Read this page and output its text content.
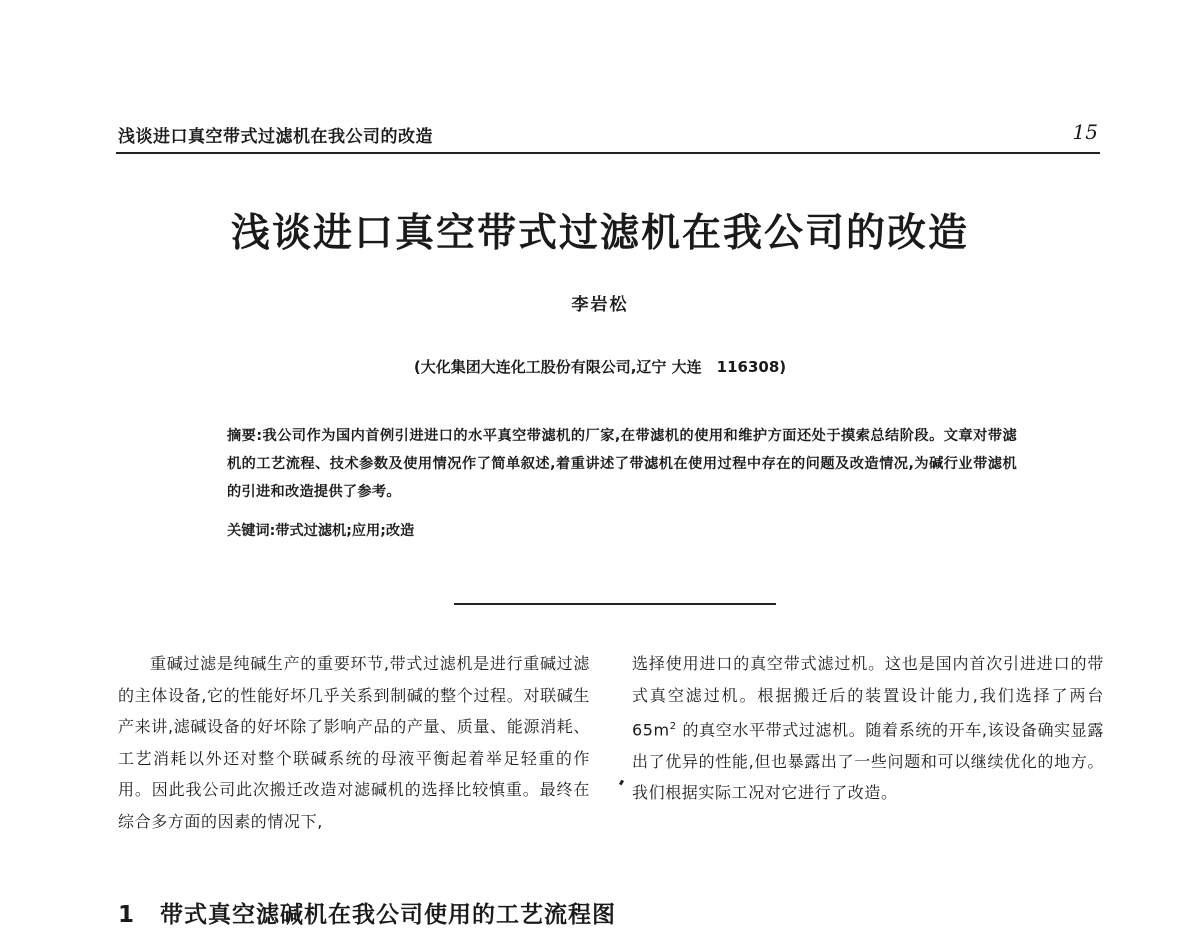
浅谈进口真空带式过滤机在我公司的改造	15
浅谈进口真空带式过滤机在我公司的改造
李岩松
(大化集团大连化工股份有限公司,辽宁 大连　116308)
摘要:我公司作为国内首例引进进口的水平真空带滤机的厂家,在带滤机的使用和维护方面还处于摸索总结阶段。文章对带滤机的工艺流程、技术参数及使用情况作了简单叙述,着重讲述了带滤机在使用过程中存在的问题及改造情况,为碱行业带滤机的引进和改造提供了参考。
关键词:带式过滤机;应用;改造

重碱过滤是纯碱生产的重要环节,带式过滤机是进行重碱过滤的主体设备,它的性能好坏几乎关系到制碱的整个过程。对联碱生产来讲,滤碱设备的好坏除了影响产品的产量、质量、能源消耗、工艺消耗以外还对整个联碱系统的母液平衡起着举足轻重的作用。因此我公司此次搬迁改造对滤碱机的选择比较慎重。最终在综合多方面的因素的情况下,

选择使用进口的真空带式滤过机。这也是国内首次引进进口的带式真空滤过机。根据搬迁后的装置设计能力,我们选择了两台 $65m^2$ 的真空水平带式过滤机。随着系统的开车,该设备确实显露出了优异的性能,但也暴露出了一些问题和可以继续优化的地方。我们根据实际工况对它进行了改造。

1 带式真空滤碱机在我公司使用的工艺流程图
